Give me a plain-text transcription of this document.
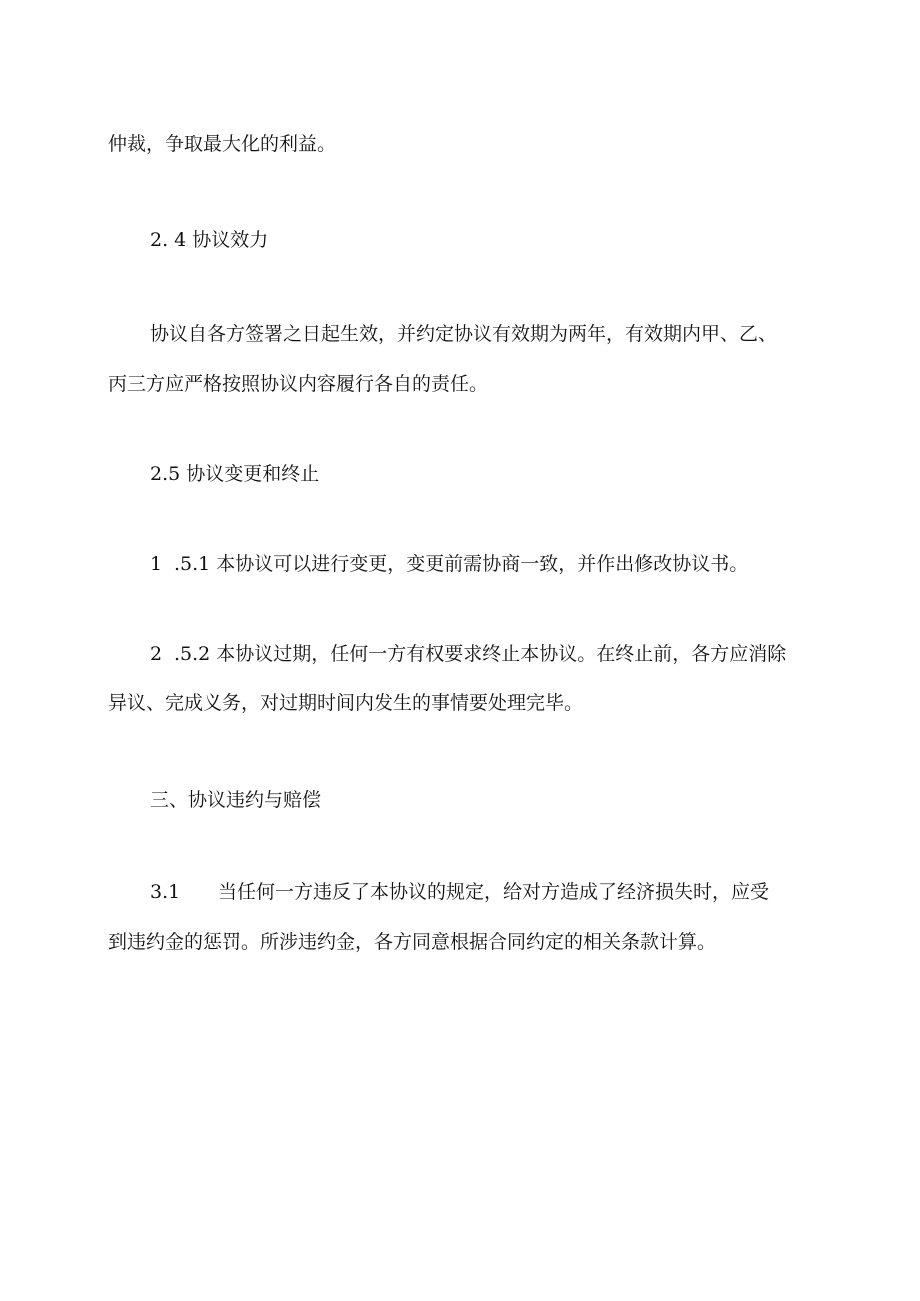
仲裁，争取最大化的利益。
2. 4 协议效力
协议自各方签署之日起生效，并约定协议有效期为两年，有效期内甲、乙、
丙三方应严格按照协议内容履行各自的责任。
2.5 协议变更和终止
1 .5.1 本协议可以进行变更，变更前需协商一致，并作出修改协议书。
2 .5.2 本协议过期，任何一方有权要求终止本协议。在终止前，各方应消除
异议、完成义务，对过期时间内发生的事情要处理完毕。
三、协议违约与赔偿
3.1 当任何一方违反了本协议的规定，给对方造成了经济损失时，应受
到违约金的惩罚。所涉违约金，各方同意根据合同约定的相关条款计算。
